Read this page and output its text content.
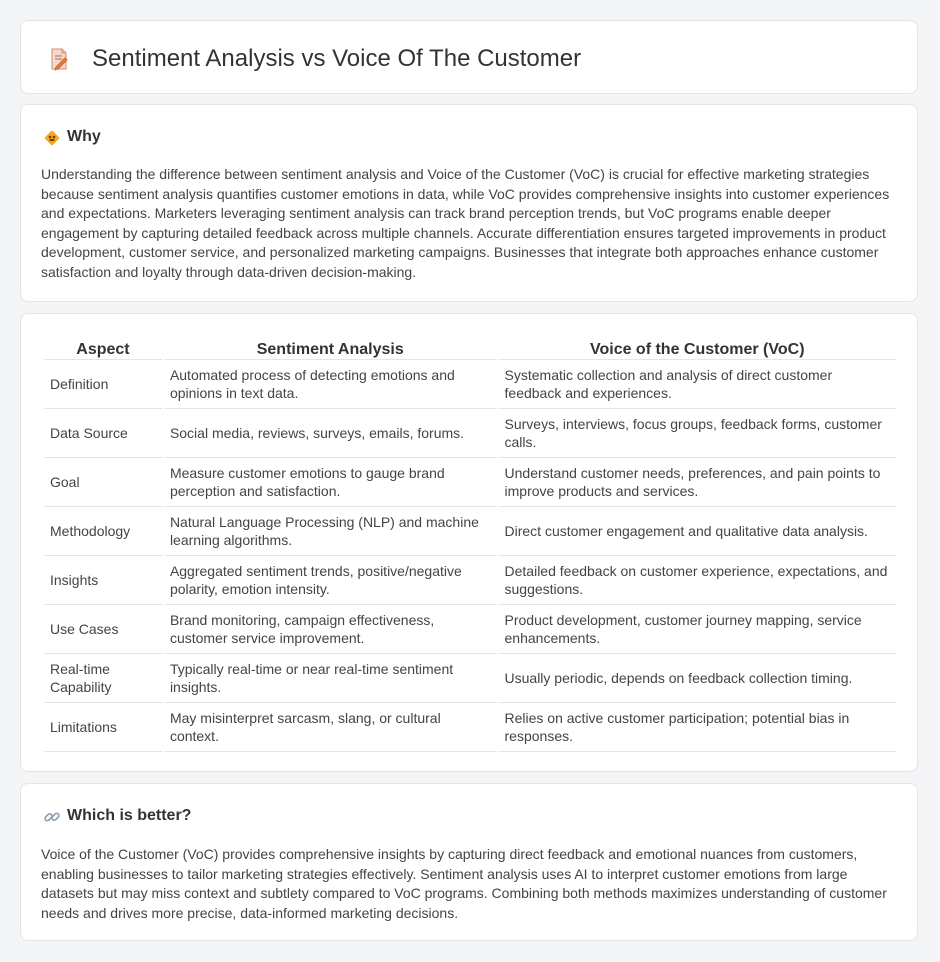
Sentiment Analysis vs Voice Of The Customer
Why

Understanding the difference between sentiment analysis and Voice of the Customer (VoC) is crucial for effective marketing strategies because sentiment analysis quantifies customer emotions in data, while VoC provides comprehensive insights into customer experiences and expectations. Marketers leveraging sentiment analysis can track brand perception trends, but VoC programs enable deeper engagement by capturing detailed feedback across multiple channels. Accurate differentiation ensures targeted improvements in product development, customer service, and personalized marketing campaigns. Businesses that integrate both approaches enhance customer satisfaction and loyalty through data-driven decision-making.

Aspect	Sentiment Analysis	Voice of the Customer (VoC)
Definition	Automated process of detecting emotions and opinions in text data.	Systematic collection and analysis of direct customer feedback and experiences.
Data Source	Social media, reviews, surveys, emails, forums.	Surveys, interviews, focus groups, feedback forms, customer calls.
Goal	Measure customer emotions to gauge brand perception and satisfaction.	Understand customer needs, preferences, and pain points to improve products and services.
Methodology	Natural Language Processing (NLP) and machine learning algorithms.	Direct customer engagement and qualitative data analysis.
Insights	Aggregated sentiment trends, positive/negative polarity, emotion intensity.	Detailed feedback on customer experience, expectations, and suggestions.
Use Cases	Brand monitoring, campaign effectiveness, customer service improvement.	Product development, customer journey mapping, service enhancements.
Real-time Capability	Typically real-time or near real-time sentiment insights.	Usually periodic, depends on feedback collection timing.
Limitations	May misinterpret sarcasm, slang, or cultural context.	Relies on active customer participation; potential bias in responses.
Which is better?

Voice of the Customer (VoC) provides comprehensive insights by capturing direct feedback and emotional nuances from customers, enabling businesses to tailor marketing strategies effectively. Sentiment analysis uses AI to interpret customer emotions from large datasets but may miss context and subtlety compared to VoC programs. Combining both methods maximizes understanding of customer needs and drives more precise, data-informed marketing decisions.
